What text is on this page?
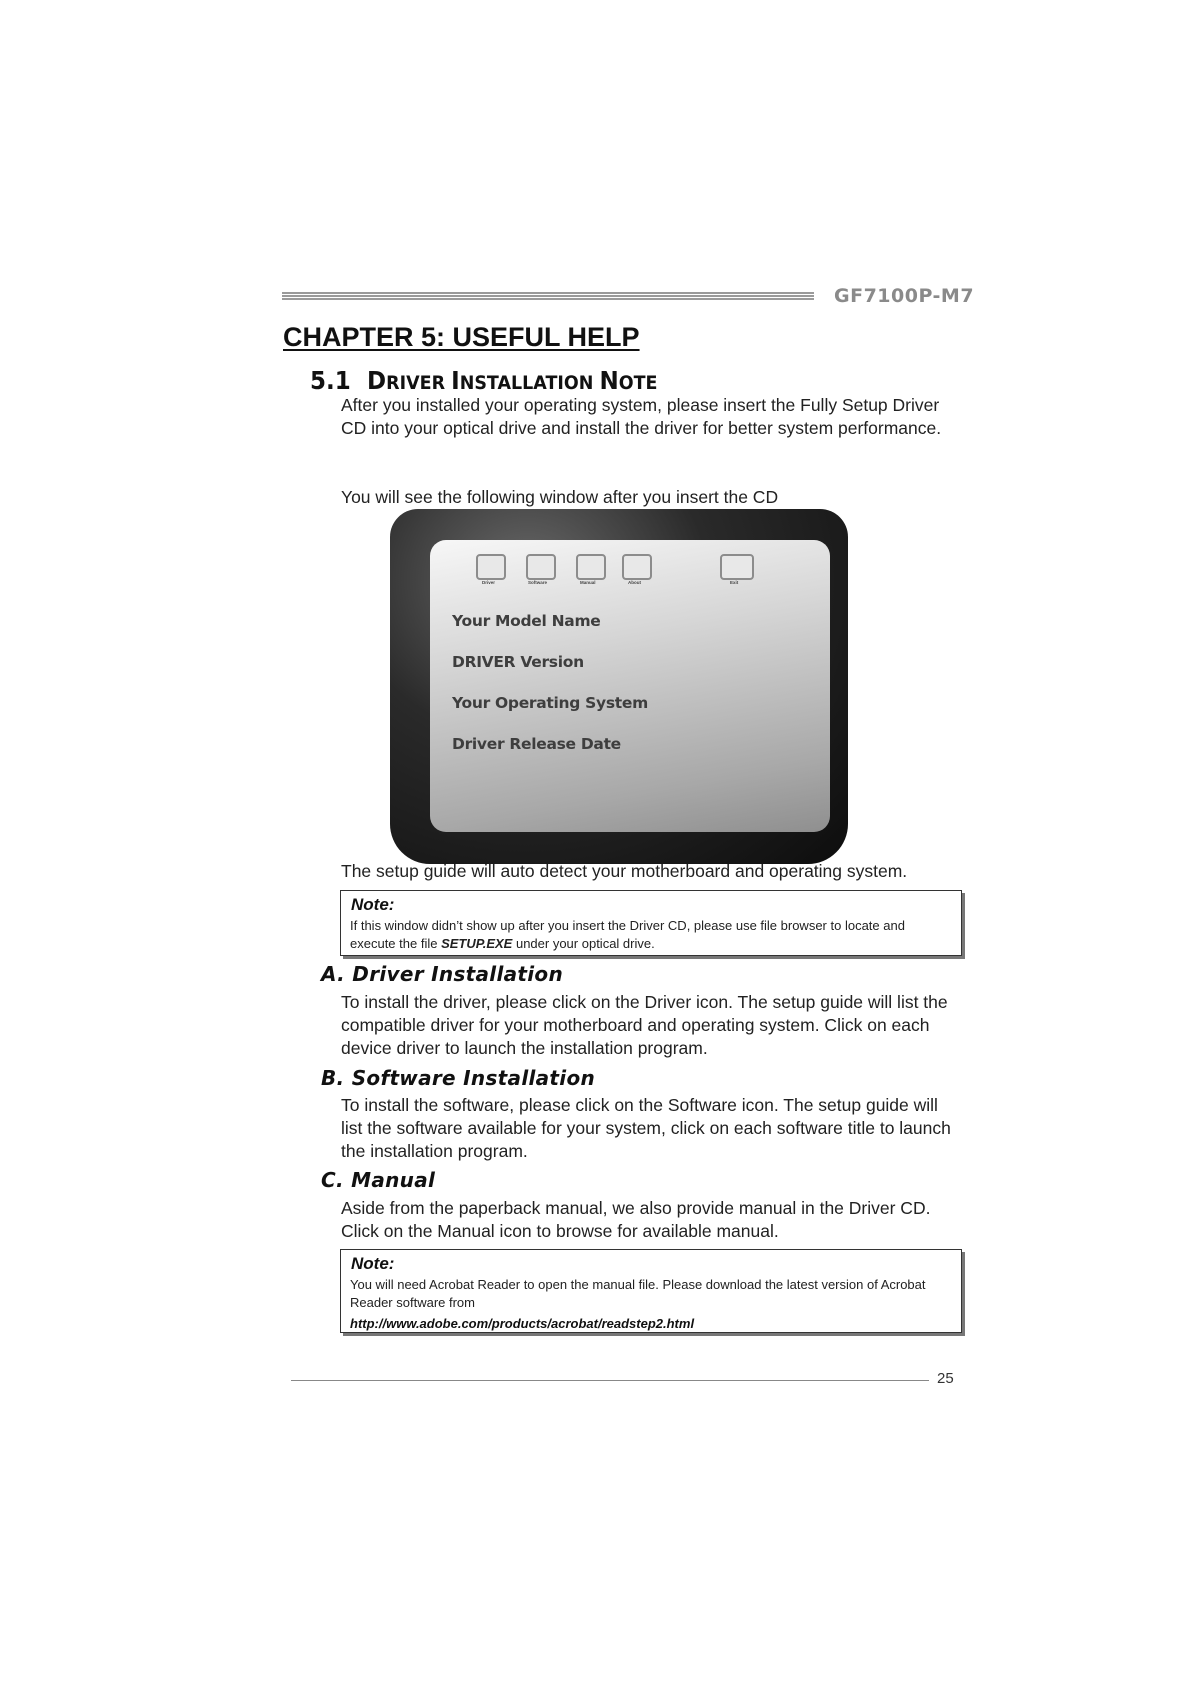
GF7100P-M7
CHAPTER 5: USEFUL HELP
5.1 DRIVER INSTALLATION NOTE
After you installed your operating system, please insert the Fully Setup Driver CD into your optical drive and install the driver for better system performance.
You will see the following window after you insert the CD
Driver	Software	Manual	About	Exit
Your Model Name
DRIVER Version
Your Operating System
Driver Release Date
The setup guide will auto detect your motherboard and operating system.
Note:
If this window didn’t show up after you insert the Driver CD, please use file browser to locate and execute the file SETUP.EXE under your optical drive.
A. Driver Installation
To install the driver, please click on the Driver icon. The setup guide will list the compatible driver for your motherboard and operating system. Click on each device driver to launch the installation program.
B. Software Installation
To install the software, please click on the Software icon. The setup guide will list the software available for your system, click on each software title to launch the installation program.
C. Manual
Aside from the paperback manual, we also provide manual in the Driver CD. Click on the Manual icon to browse for available manual.
Note:
You will need Acrobat Reader to open the manual file. Please download the latest version of Acrobat Reader software from
http://www.adobe.com/products/acrobat/readstep2.html
25
